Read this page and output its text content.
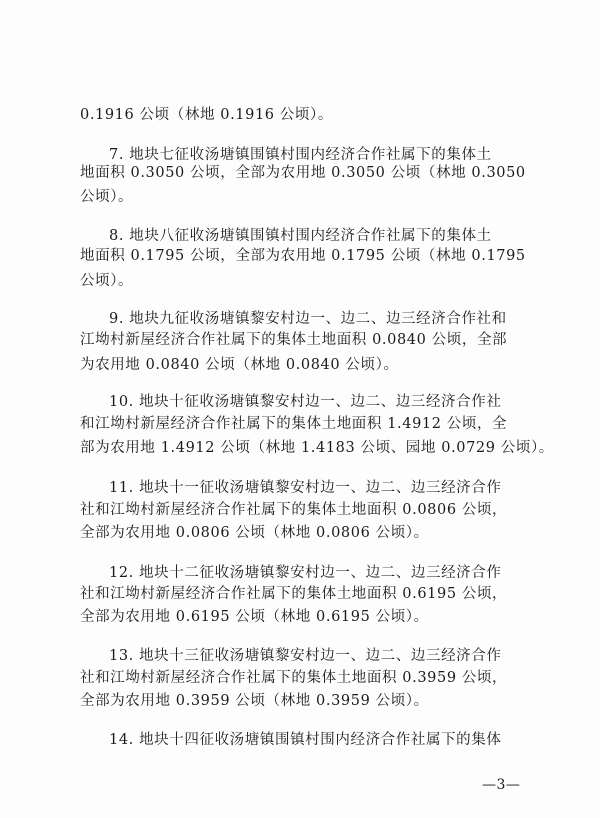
0.1916 公顷（林地 0.1916 公顷）。
7. 地块七征收汤塘镇围镇村围内经济合作社属下的集体土
地面积 0.3050 公顷，全部为农用地 0.3050 公顷（林地 0.3050
公顷）。
8. 地块八征收汤塘镇围镇村围内经济合作社属下的集体土
地面积 0.1795 公顷，全部为农用地 0.1795 公顷（林地 0.1795
公顷）。
9. 地块九征收汤塘镇黎安村边一、边二、边三经济合作社和
江坳村新屋经济合作社属下的集体土地面积 0.0840 公顷，全部
为农用地 0.0840 公顷（林地 0.0840 公顷）。
10. 地块十征收汤塘镇黎安村边一、边二、边三经济合作社
和江坳村新屋经济合作社属下的集体土地面积 1.4912 公顷，全
部为农用地 1.4912 公顷（林地 1.4183 公顷、园地 0.0729 公顷）。
11. 地块十一征收汤塘镇黎安村边一、边二、边三经济合作
社和江坳村新屋经济合作社属下的集体土地面积 0.0806 公顷，
全部为农用地 0.0806 公顷（林地 0.0806 公顷）。
12. 地块十二征收汤塘镇黎安村边一、边二、边三经济合作
社和江坳村新屋经济合作社属下的集体土地面积 0.6195 公顷，
全部为农用地 0.6195 公顷（林地 0.6195 公顷）。
13. 地块十三征收汤塘镇黎安村边一、边二、边三经济合作
社和江坳村新屋经济合作社属下的集体土地面积 0.3959 公顷，
全部为农用地 0.3959 公顷（林地 0.3959 公顷）。
14. 地块十四征收汤塘镇围镇村围内经济合作社属下的集体
—3—
